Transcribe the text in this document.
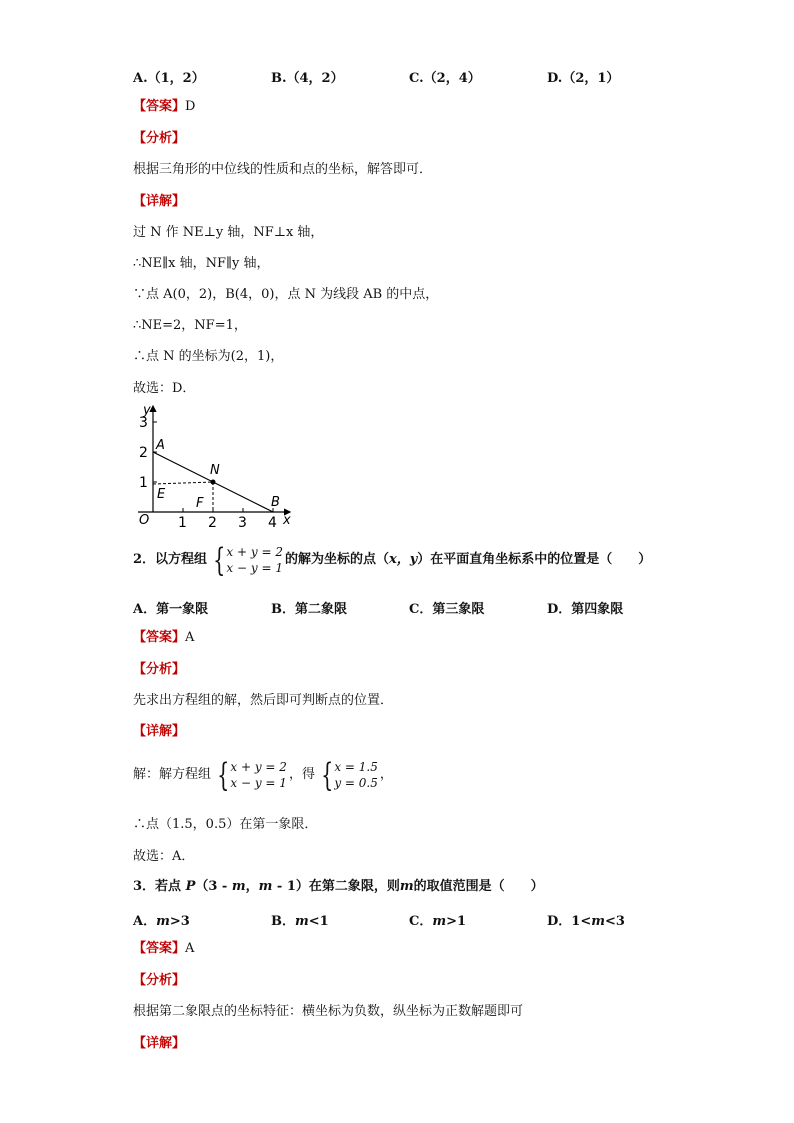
A.（1，2）	B.（4，2）	C.（2，4）	D.（2，1）
【答案】D
【分析】
根据三角形的中位线的性质和点的坐标，解答即可．
【详解】
过 N 作 NE⊥y 轴，NF⊥x 轴，
∴NE∥x 轴，NF∥y 轴，
∵点 A(0，2)，B(4，0)，点 N 为线段 AB 的中点，
∴NE=2，NF=1，
∴点 N 的坐标为(2，1)，
故选：D．
y
x
O
3
2
1
1 2 3 4
A
N
E
F	B
2．以方程组 { x + y = 2
x − y = 1
的解为坐标的点（ x，y ）在平面直角坐标系中的位置是（　　）
A．第一象限	B．第二象限	C．第三象限	D．第四象限
【答案】A
【分析】
先求出方程组的解，然后即可判断点的位置．
【详解】
解：解方程组 { x + y = 2
x − y = 1
，得 { x = 1.5
y = 0.5
，
∴点（1.5，0.5）在第一象限．
故选：A．
3．若点 P（3 - m，m - 1）在第二象限，则m的取值范围是（　　）
A．m>3	B．m<1	C．m>1	D．1<m<3
【答案】A
【分析】
根据第二象限点的坐标特征：横坐标为负数，纵坐标为正数解题即可
【详解】
